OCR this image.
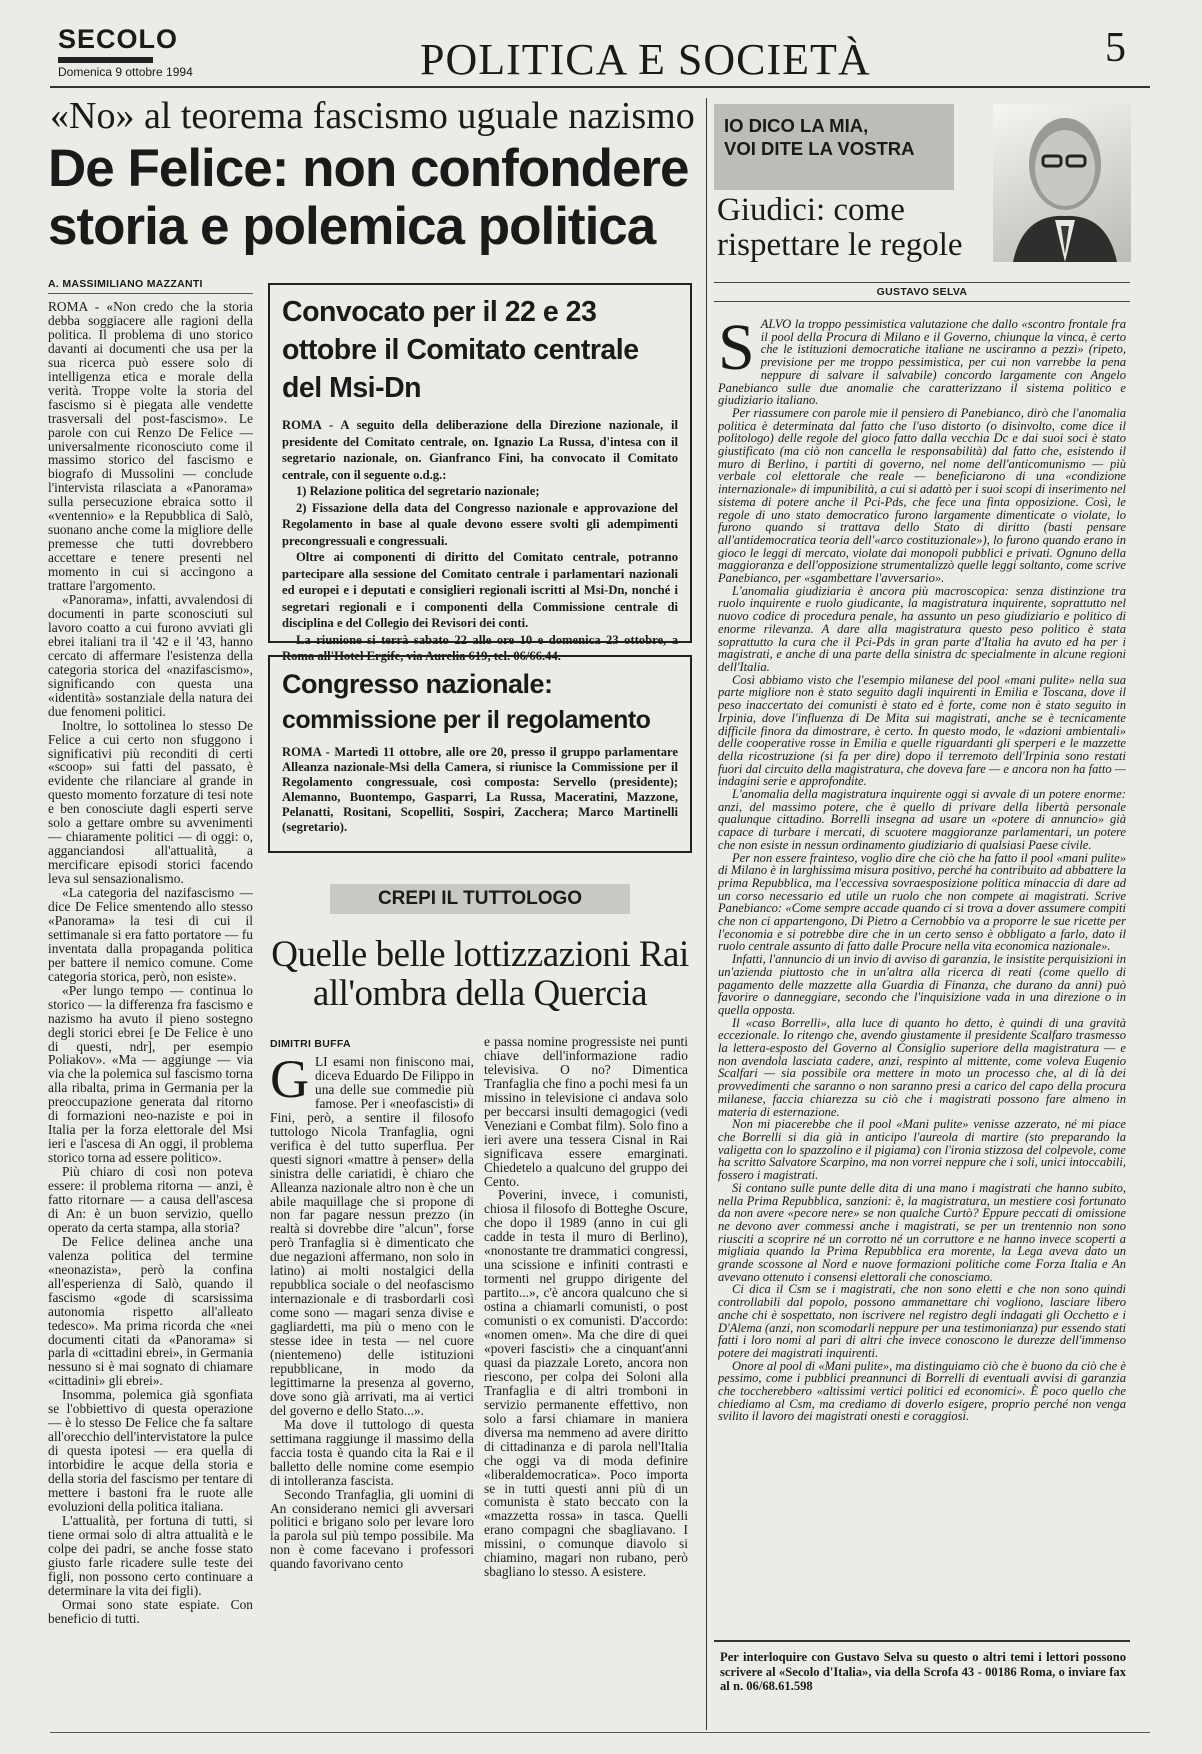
SECOLO
Domenica 9 ottobre 1994	POLITICA E SOCIETÀ	5
«No» al teorema fascismo uguale nazismo
De Felice: non confondere storia e polemica politica
A. MASSIMILIANO MAZZANTI

ROMA - «Non credo che la storia debba soggiacere alle ragioni della politica. Il problema di uno storico davanti ai documenti che usa per la sua ricerca può essere solo di intelligenza etica e morale della verità. Troppe volte la storia del fascismo si è piegata alle vendette trasversali del post-fascismo». Le parole con cui Renzo De Felice — universalmente riconosciuto come il massimo storico del fascismo e biografo di Mussolini — conclude l'intervista rilasciata a «Panorama» sulla persecuzione ebraica sotto il «ventennio» e la Repubblica di Salò, suonano anche come la migliore delle premesse che tutti dovrebbero accettare e tenere presenti nel momento in cui si accingono a trattare l'argomento.

«Panorama», infatti, avvalendosi di documenti in parte sconosciuti sul lavoro coatto a cui furono avviati gli ebrei italiani tra il '42 e il '43, hanno cercato di affermare l'esistenza della categoria storica del «nazifascismo», significando con questa una «identità» sostanziale della natura dei due fenomeni politici.

Inoltre, lo sottolinea lo stesso De Felice a cui certo non sfuggono i significativi più reconditi di certi «scoop» sui fatti del passato, è evidente che rilanciare al grande in questo momento forzature di tesi note e ben conosciute dagli esperti serve solo a gettare ombre su avvenimenti — chiaramente politici — di oggi: o, agganciandosi all'attualità, a mercificare episodi storici facendo leva sul sensazionalismo.

«La categoria del nazifascismo — dice De Felice smentendo allo stesso «Panorama» la tesi di cui il settimanale si era fatto portatore — fu inventata dalla propaganda politica per battere il nemico comune. Come categoria storica, però, non esiste».

«Per lungo tempo — continua lo storico — la differenza fra fascismo e nazismo ha avuto il pieno sostegno degli storici ebrei [e De Felice è uno di questi, ndr], per esempio Poliakov». «Ma — aggiunge — via via che la polemica sul fascismo torna alla ribalta, prima in Germania per la preoccupazione generata dal ritorno di formazioni neo-naziste e poi in Italia per la forza elettorale del Msi ieri e l'ascesa di An oggi, il problema storico torna ad essere politico».

Più chiaro di così non poteva essere: il problema ritorna — anzi, è fatto ritornare — a causa dell'ascesa di An: è un buon servizio, quello operato da certa stampa, alla storia?

De Felice delinea anche una valenza politica del termine «neonazista», però la confina all'esperienza di Salò, quando il fascismo «gode di scarsissima autonomia rispetto all'alleato tedesco». Ma prima ricorda che «nei documenti citati da «Panorama» si parla di «cittadini ebrei», in Germania nessuno si è mai sognato di chiamare «cittadini» gli ebrei».

Insomma, polemica già sgonfiata se l'obbiettivo di questa operazione — è lo stesso De Felice che fa saltare all'orecchio dell'intervistatore la pulce di questa ipotesi — era quella di intorbidire le acque della storia e della storia del fascismo per tentare di mettere i bastoni fra le ruote alle evoluzioni della politica italiana.

L'attualità, per fortuna di tutti, si tiene ormai solo di altra attualità e le colpe dei padri, se anche fosse stato giusto farle ricadere sulle teste dei figli, non possono certo continuare a determinare la vita dei figli).

Ormai sono state espiate. Con beneficio di tutti.

Convocato per il 22 e 23 ottobre il Comitato centrale del Msi-Dn

ROMA - A seguito della deliberazione della Direzione nazionale, il presidente del Comitato centrale, on. Ignazio La Russa, d'intesa con il segretario nazionale, on. Gianfranco Fini, ha convocato il Comitato centrale, con il seguente o.d.g.:

1) Relazione politica del segretario nazionale;

2) Fissazione della data del Congresso nazionale e approvazione del Regolamento in base al quale devono essere svolti gli adempimenti precongressuali e congressuali.

Oltre ai componenti di diritto del Comitato centrale, potranno partecipare alla sessione del Comitato centrale i parlamentari nazionali ed europei e i deputati e consiglieri regionali iscritti al Msi-Dn, nonché i segretari regionali e i componenti della Commissione centrale di disciplina e del Collegio dei Revisori dei conti.

La riunione si terrà sabato 22 alle ore 10 e domenica 23 ottobre, a Roma all'Hotel Ergife, via Aurelia 619, tel. 06/66.44.

Congresso nazionale:
commissione per il regolamento
ROMA - Martedì 11 ottobre, alle ore 20, presso il gruppo parlamentare Alleanza nazionale-Msi della Camera, si riunisce la Commissione per il Regolamento congressuale, così composta: Servello (presidente); Alemanno, Buontempo, Gasparri, La Russa, Maceratini, Mazzone, Pelanatti, Rositani, Scopelliti, Sospiri, Zacchera; Marco Martinelli (segretario).
CREPI IL TUTTOLOGO
Quelle belle lottizzazioni Rai all'ombra della Quercia
DIMITRI BUFFA
G LI esami non finiscono mai, diceva Eduardo De Filippo in una delle sue commedie più famose. Per i «neofascisti» di Fini, però, a sentire il filosofo tuttologo Nicola Tranfaglia, ogni verifica è del tutto superflua. Per questi signori «mattre à penser» della sinistra delle cariatidi, è chiaro che Alleanza nazionale altro non è che un abile maquillage che si propone di non far pagare nessun prezzo (in realtà si dovrebbe dire "alcun", forse però Tranfaglia si è dimenticato che due negazioni affermano, non solo in latino) ai molti nostalgici della repubblica sociale o del neofascismo internazionale e di trasbordarli così come sono — magari senza divise e gagliardetti, ma più o meno con le stesse idee in testa — nel cuore (nientemeno) delle istituzioni repubblicane, in modo da legittimarne la presenza al governo, dove sono già arrivati, ma ai vertici del governo e dello Stato...».

Ma dove il tuttologo di questa settimana raggiunge il massimo della faccia tosta è quando cita la Rai e il balletto delle nomine come esempio di intolleranza fascista.

Secondo Tranfaglia, gli uomini di An considerano nemici gli avversari politici e brigano solo per levare loro la parola sul più tempo possibile. Ma non è come facevano i professori quando favorivano cento

e passa nomine progressiste nei punti chiave dell'informazione radio televisiva. O no? Dimentica Tranfaglia che fino a pochi mesi fa un missino in televisione ci andava solo per beccarsi insulti demagogici (vedi Veneziani e Combat film). Solo fino a ieri avere una tessera Cisnal in Rai significava essere emarginati. Chiedetelo a qualcuno del gruppo dei Cento.

Poverini, invece, i comunisti, chiosa il filosofo di Botteghe Oscure, che dopo il 1989 (anno in cui gli cadde in testa il muro di Berlino), «nonostante tre drammatici congressi, una scissione e infiniti contrasti e tormenti nel gruppo dirigente del partito...», c'è ancora qualcuno che si ostina a chiamarli comunisti, o post comunisti o ex comunisti. D'accordo: «nomen omen». Ma che dire di quei «poveri fascisti» che a cinquant'anni quasi da piazzale Loreto, ancora non riescono, per colpa dei Soloni alla Tranfaglia e di altri tromboni in servizio permanente effettivo, non solo a farsi chiamare in maniera diversa ma nemmeno ad avere diritto di cittadinanza e di parola nell'Italia che oggi va di moda definire «liberaldemocratica». Poco importa se in tutti questi anni più di un comunista è stato beccato con la «mazzetta rossa» in tasca. Quelli erano compagni che sbagliavano. I missini, o comunque diavolo si chiamino, magari non rubano, però sbagliano lo stesso. A esistere.

IO DICO LA MIA,
VOI DITE LA VOSTRA
Giudici: come rispettare le regole
GUSTAVO SELVA
S ALVO la troppo pessimistica valutazione che dallo «scontro frontale fra il pool della Procura di Milano e il Governo, chiunque la vinca, è certo che le istituzioni democratiche italiane ne usciranno a pezzi» (ripeto, previsione per me troppo pessimistica, per cui non varrebbe la pena neppure di salvare il salvabile) concordo largamente con Angelo Panebianco sulle due anomalie che caratterizzano il sistema politico e giudiziario italiano.

Per riassumere con parole mie il pensiero di Panebianco, dirò che l'anomalia politica è determinata dal fatto che l'uso distorto (o disinvolto, come dice il politologo) delle regole del gioco fatto dalla vecchia Dc e dai suoi soci è stato giustificato (ma ciò non cancella le responsabilità) dal fatto che, esistendo il muro di Berlino, i partiti di governo, nel nome dell'anticomunismo — più verbale col elettorale che reale — beneficiarono di una «condizione internazionale» di impunibilità, a cui si adattò per i suoi scopi di inserimento nel sistema di potere anche il Pci-Pds, che fece una finta opposizione. Così, le regole di uno stato democratico furono largamente dimenticate o violate, lo furono quando si trattava dello Stato di diritto (basti pensare all'antidemocratica teoria dell'«arco costituzionale»), lo furono quando erano in gioco le leggi di mercato, violate dai monopoli pubblici e privati. Ognuno della maggioranza e dell'opposizione strumentalizzò quelle leggi soltanto, come scrive Panebianco, per «sgambettare l'avversario».

L'anomalia giudiziaria è ancora più macroscopica: senza distinzione tra ruolo inquirente e ruolo giudicante, la magistratura inquirente, soprattutto nel nuovo codice di procedura penale, ha assunto un peso giudiziario e politico di enorme rilevanza. A dare alla magistratura questo peso politico è stata soprattutto la cura che il Pci-Pds in gran parte d'Italia ha avuto ed ha per i magistrati, e anche di una parte della sinistra dc specialmente in alcune regioni dell'Italia.

Così abbiamo visto che l'esempio milanese del pool «mani pulite» nella sua parte migliore non è stato seguito dagli inquirenti in Emilia e Toscana, dove il peso inaccertato dei comunisti è stato ed è forte, come non è stato seguito in Irpinia, dove l'influenza di De Mita sui magistrati, anche se è tecnicamente difficile finora da dimostrare, è certo. In questo modo, le «dazioni ambientali» delle cooperative rosse in Emilia e quelle riguardanti gli sperperi e le mazzette della ricostruzione (si fa per dire) dopo il terremoto dell'Irpinia sono restati fuori dal circuito della magistratura, che doveva fare — e ancora non ha fatto — indagini serie e approfondite.

L'anomalia della magistratura inquirente oggi si avvale di un potere enorme: anzi, del massimo potere, che è quello di privare della libertà personale qualunque cittadino. Borrelli insegna ad usare un «potere di annuncio» già capace di turbare i mercati, di scuotere maggioranze parlamentari, un potere che non esiste in nessun ordinamento giudiziario di qualsiasi Paese civile.

Per non essere frainteso, voglio dire che ciò che ha fatto il pool «mani pulite» di Milano è in larghissima misura positivo, perché ha contribuito ad abbattere la prima Repubblica, ma l'eccessiva sovraesposizione politica minaccia di dare ad un corso necessario ed utile un ruolo che non compete ai magistrati. Scrive Panebianco: «Come sempre accade quando ci si trova a dover assumere compiti che non ci appartengono, Di Pietro a Cernobbio va a proporre le sue ricette per l'economia e si potrebbe dire che in un certo senso è obbligato a farlo, dato il ruolo centrale assunto di fatto dalle Procure nella vita economica nazionale».

Infatti, l'annuncio di un invio di avviso di garanzia, le insistite perquisizioni in un'azienda piuttosto che in un'altra alla ricerca di reati (come quello di pagamento delle mazzette alla Guardia di Finanza, che durano da anni) può favorire o danneggiare, secondo che l'inquisizione vada in una direzione o in quella opposta.

Il «caso Borrelli», alla luce di quanto ho detto, è quindi di una gravità eccezionale. Io ritengo che, avendo giustamente il presidente Scalfaro trasmesso la lettera-esposto del Governo al Consiglio superiore della magistratura — e non avendola lasciata cadere, anzi, respinto al mittente, come voleva Eugenio Scalfari — sia possibile ora mettere in moto un processo che, al di là dei provvedimenti che saranno o non saranno presi a carico del capo della procura milanese, faccia chiarezza su ciò che i magistrati possono fare almeno in materia di esternazione.

Non mi piacerebbe che il pool «Mani pulite» venisse azzerato, né mi piace che Borrelli si dia già in anticipo l'aureola di martire (sto preparando la valigetta con lo spazzolino e il pigiama) con l'ironia stizzosa del colpevole, come ha scritto Salvatore Scarpino, ma non vorrei neppure che i soli, unici intoccabili, fossero i magistrati.

Si contano sulle punte delle dita di una mano i magistrati che hanno subito, nella Prima Repubblica, sanzioni: è, la magistratura, un mestiere così fortunato da non avere «pecore nere» se non qualche Curtò? Eppure peccati di omissione ne devono aver commessi anche i magistrati, se per un trentennio non sono riusciti a scoprire né un corrotto né un corruttore e ne hanno invece scoperti a migliaia quando la Prima Repubblica era morente, la Lega aveva dato un grande scossone al Nord e nuove formazioni politiche come Forza Italia e An avevano ottenuto i consensi elettorali che conosciamo.

Ci dica il Csm se i magistrati, che non sono eletti e che non sono quindi controllabili dal popolo, possono ammanettare chi vogliono, lasciare libero anche chi è sospettato, non iscrivere nel registro degli indagati gli Occhetto e i D'Alema (anzi, non scomodarli neppure per una testimonianza) pur essendo stati fatti i loro nomi al pari di altri che invece conoscono le durezze dell'immenso potere dei magistrati inquirenti.

Onore al pool di «Mani pulite», ma distinguiamo ciò che è buono da ciò che è pessimo, come i pubblici preannunci di Borrelli di eventuali avvisi di garanzia che toccherebbero «altissimi vertici politici ed economici». È poco quello che chiediamo al Csm, ma crediamo di doverlo esigere, proprio perché non venga svilito il lavoro dei magistrati onesti e coraggiosi.

Per interloquire con Gustavo Selva su questo o altri temi i lettori possono scrivere al «Secolo d'Italia», via della Scrofa 43 - 00186 Roma, o inviare fax al n. 06/68.61.598
